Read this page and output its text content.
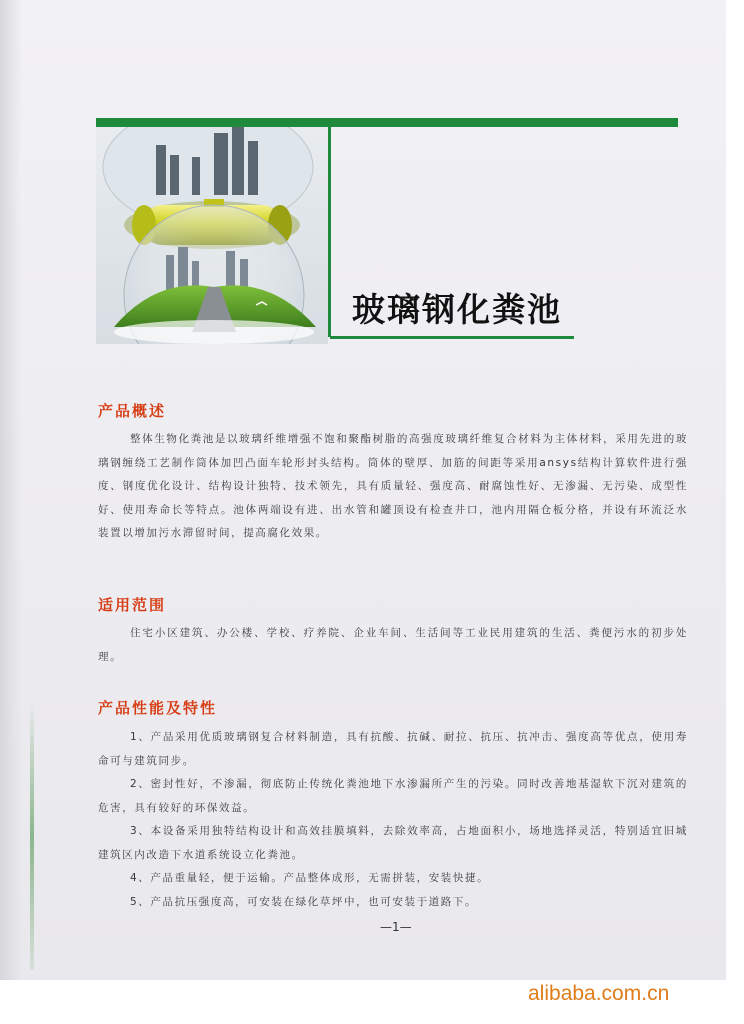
玻璃钢化粪池
产品概述
整体生物化粪池是以玻璃纤维增强不饱和聚酯树脂的高强度玻璃纤维复合材料为主体材料，采用先进的玻璃钢缠绕工艺制作筒体加凹凸面车轮形封头结构。筒体的壁厚、加筋的间距等采用ansys结构计算软件进行强度、钢度优化设计、结构设计独特、技术领先，具有质量轻、强度高、耐腐蚀性好、无渗漏、无污染、成型性好、使用寿命长等特点。池体两端设有进、出水管和罐顶设有检查井口，池内用隔仓板分格，并设有环流泛水装置以增加污水滞留时间，提高腐化效果。
适用范围
住宅小区建筑、办公楼、学校、疗养院、企业车间、生活间等工业民用建筑的生活、粪便污水的初步处理。
产品性能及特性
1、产品采用优质玻璃钢复合材料制造，具有抗酸、抗碱、耐拉、抗压、抗冲击、强度高等优点，使用寿命可与建筑同步。
2、密封性好，不渗漏，彻底防止传统化粪池地下水渗漏所产生的污染。同时改善地基湿软下沉对建筑的危害，具有较好的环保效益。
3、本设备采用独特结构设计和高效挂膜填料，去除效率高，占地面积小，场地选择灵活，特别适宜旧城建筑区内改造下水道系统设立化粪池。
4、产品重量轻，便于运输。产品整体成形，无需拼装，安装快捷。
5、产品抗压强度高，可安装在绿化草坪中，也可安装于道路下。
—1—
alibaba.com.cn
